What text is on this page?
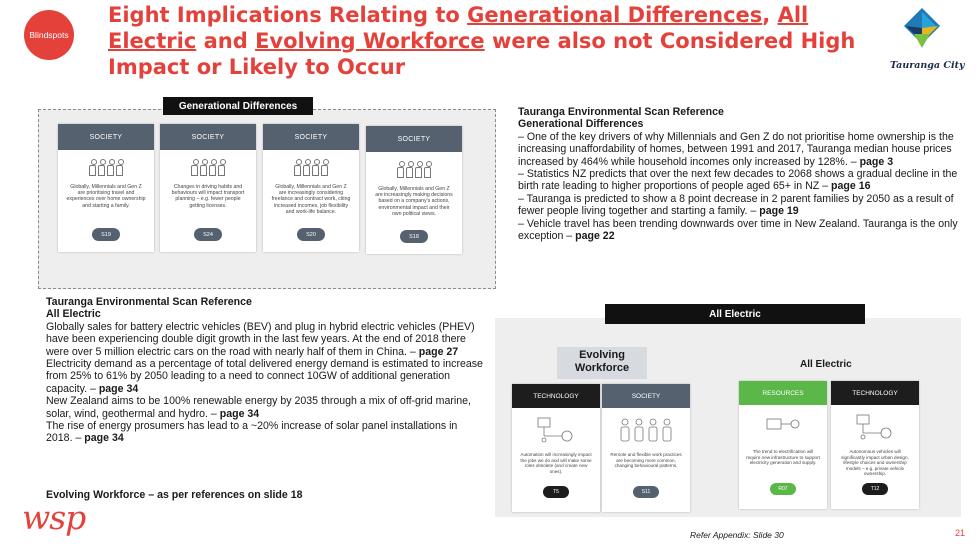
Blindspots
Eight Implications Relating to Generational Differences, All Electric and Evolving Workforce were also not Considered High Impact or Likely to Occur	Tauranga City
Generational Differences
SOCIETY
Globally, Millennials and Gen Z are prioritising travel and experiences over home ownership and starting a family.
S19
SOCIETY
Changes in driving habits and behaviours will impact transport planning – e.g. fewer people getting licenses.
S24
SOCIETY
Globally, Millennials and Gen Z are increasingly considering freelance and contract work, citing increased incomes, job flexibility and work-life balance.
S20
SOCIETY
Globally, Millennials and Gen Z are increasingly making decisions based on a company's actions, environmental impact and their own political views.
S18

Tauranga Environmental Scan Reference

Generational Differences

– One of the key drivers of why Millennials and Gen Z do not prioritise home ownership is the increasing unaffordability of homes, between 1991 and 2017, Tauranga median house prices increased by 464% while household incomes only increased by 128%. – page 3

– Statistics NZ predicts that over the next few decades to 2068 shows a gradual decline in the birth rate leading to higher proportions of people aged 65+ in NZ – page 16

– Tauranga is predicted to show a 8 point decrease in 2 parent families by 2050 as a result of fewer people living together and starting a family. – page 19

– Vehicle travel has been trending downwards over time in New Zealand. Tauranga is the only exception – page 22

Tauranga Environmental Scan Reference

All Electric

Globally sales for battery electric vehicles (BEV) and plug in hybrid electric vehicles (PHEV) have been experiencing double digit growth in the last few years. At the end of 2018 there were over 5 million electric cars on the road with nearly half of them in China. – page 27

Electricity demand as a percentage of total delivered energy demand is estimated to increase from 25% to 61% by 2050 leading to a need to connect 10GW of additional generation capacity. – page 34

New Zealand aims to be 100% renewable energy by 2035 through a mix of off-grid marine, solar, wind, geothermal and hydro. – page 34

The rise of energy prosumers has lead to a ~20% increase of solar panel installations in 2018. – page 34

Evolving Workforce – as per references on slide 18
All Electric
Evolving Workforce	All Electric
TECHNOLOGY
Automation will increasingly impact the jobs we do and will make some roles obsolete (and create new ones).
T5
SOCIETY
Remote and flexible work practices are becoming more common, changing behavioural patterns.
S11
RESOURCES
The trend to electrification will require new infrastructure to support electricity generation and supply.
R07
TECHNOLOGY
Autonomous vehicles will significantly impact urban design, lifestyle choices and ownership models – e.g. private vehicle ownership.
T12
Refer Appendix: Slide 30	21
wsp
